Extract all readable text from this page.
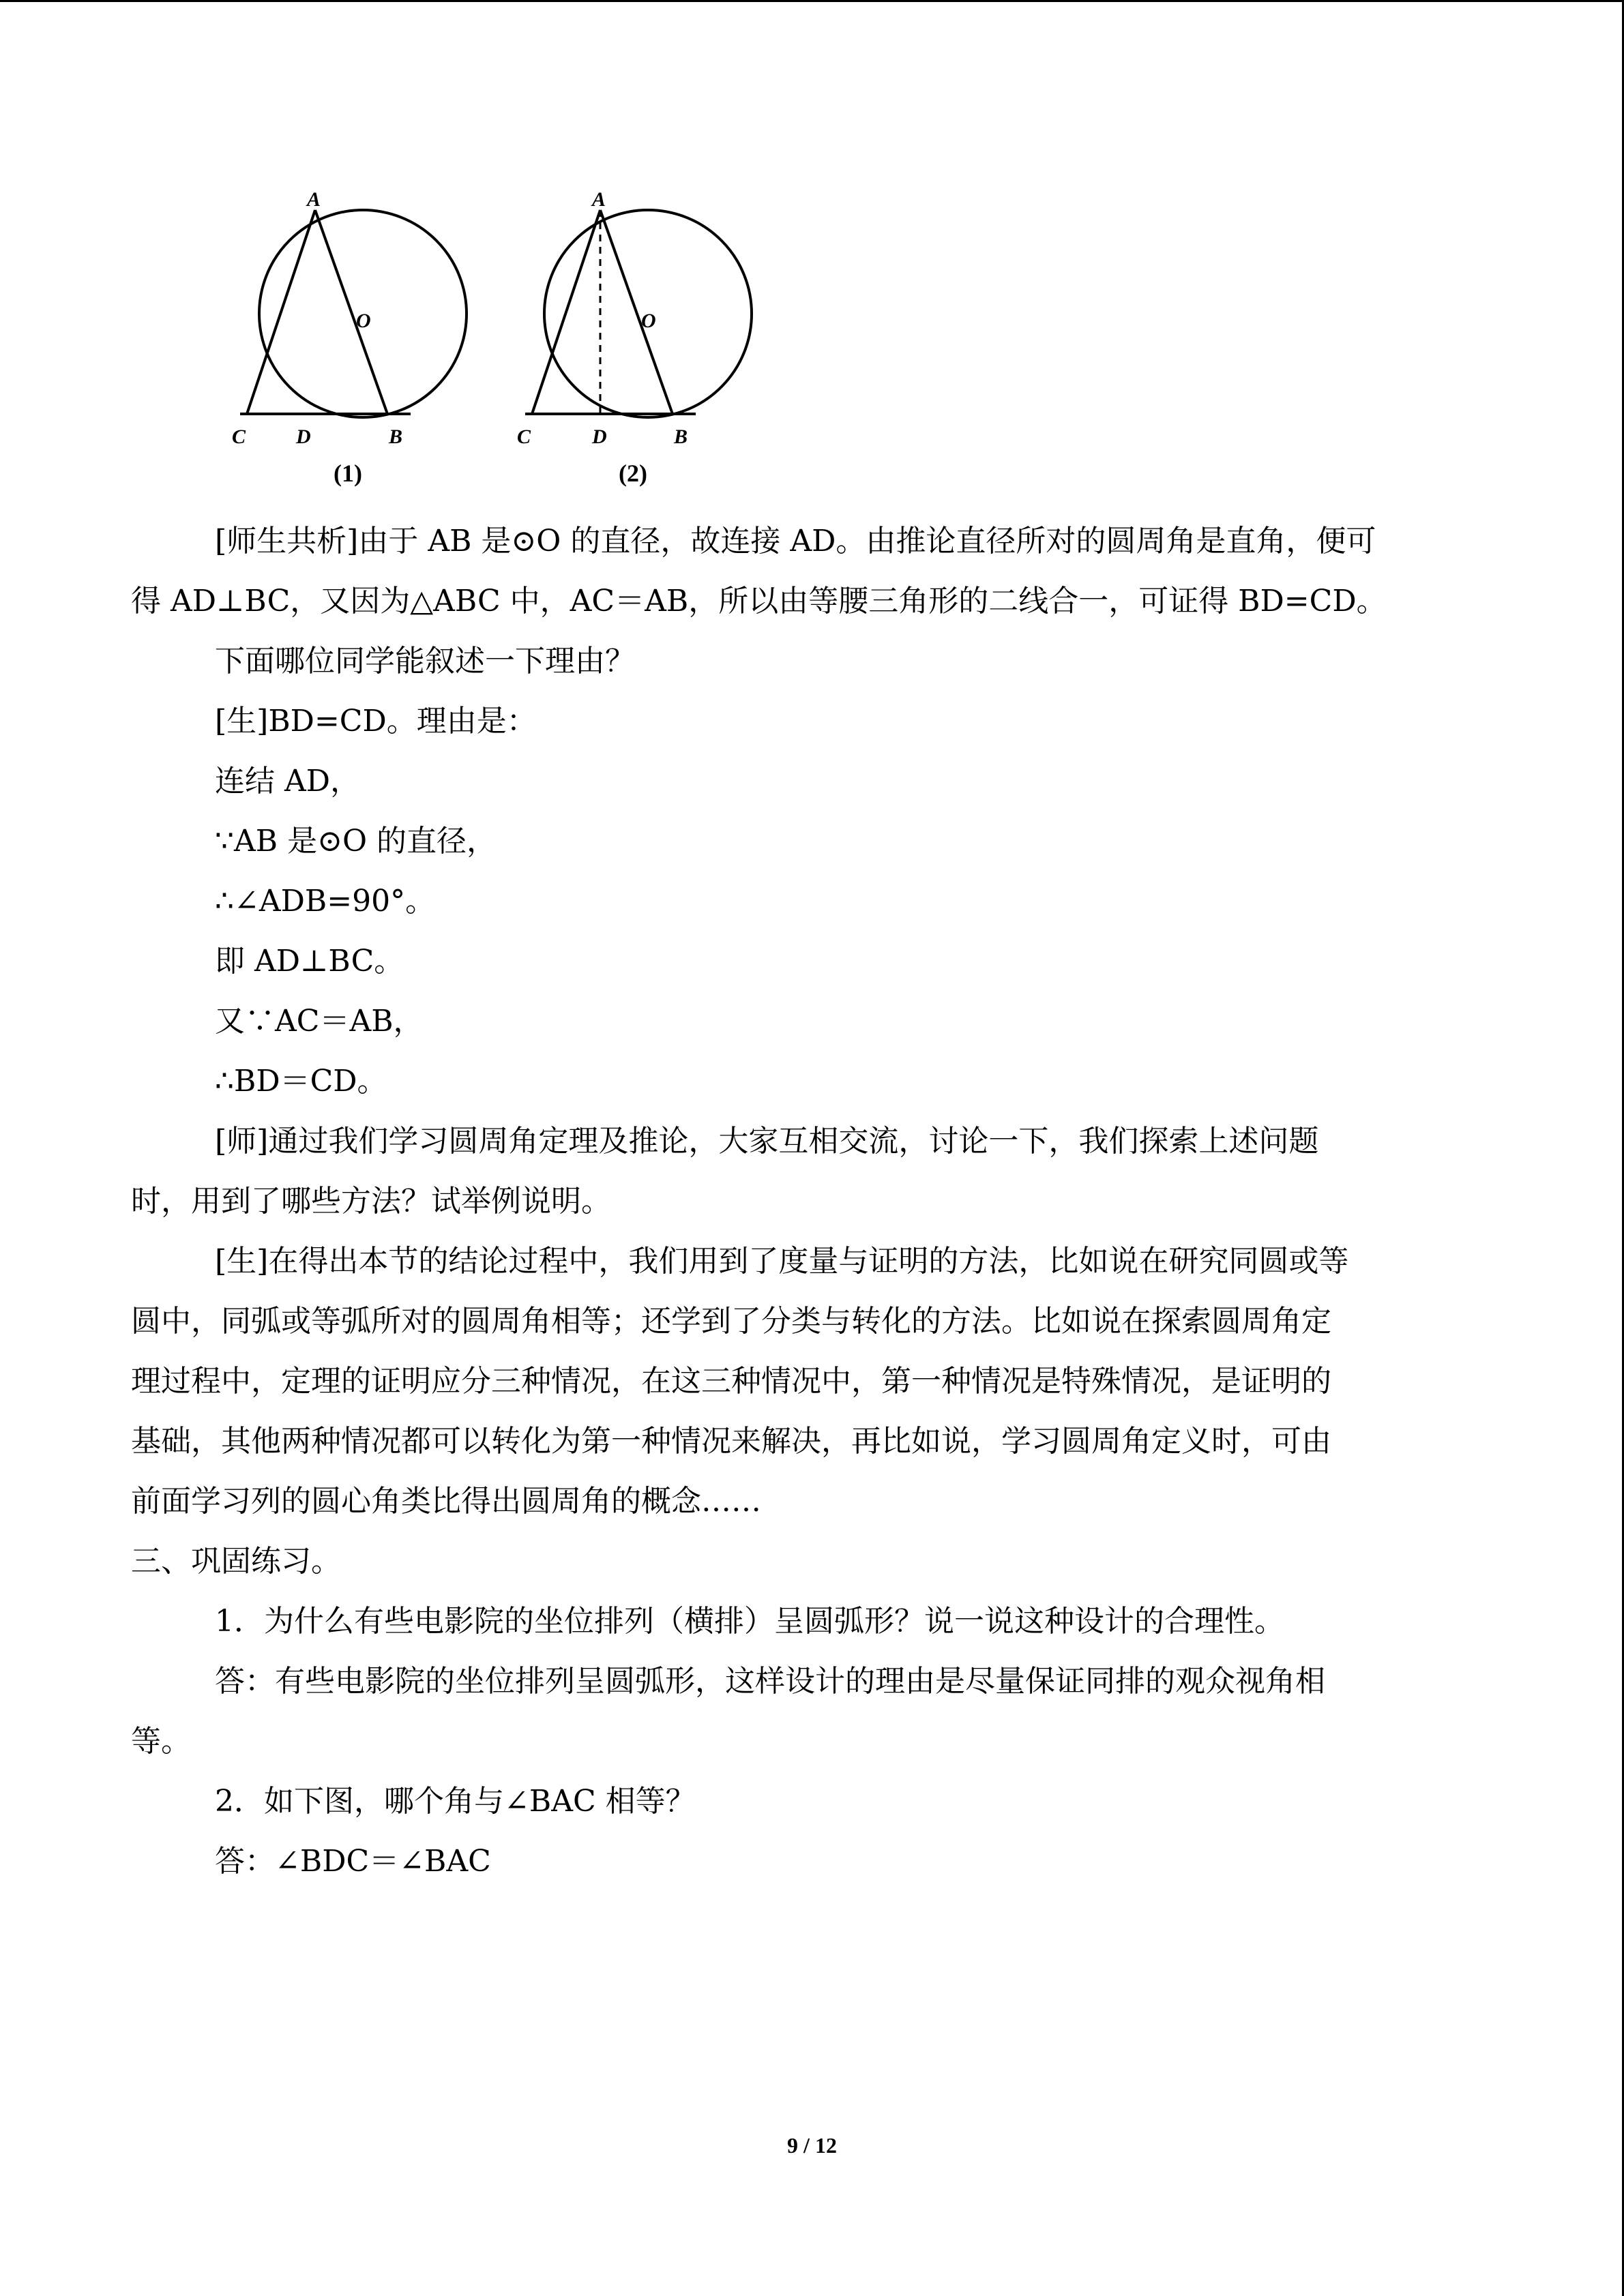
A
O
C D	B
(1)
A
O
C	D	B
(2)

[师生共析]由于 AB 是⊙O 的直径，故连接 AD。由推论直径所对的圆周角是直角，便可

得 AD⊥BC，又因为△ABC 中，AC＝AB，所以由等腰三角形的二线合一，可证得 BD=CD。

下面哪位同学能叙述一下理由？

[生]BD=CD。理由是：

连结 AD，

∵AB 是⊙O 的直径，

∴∠ADB=90°。

即 AD⊥BC。

又∵AC＝AB，

∴BD＝CD。

[师]通过我们学习圆周角定理及推论，大家互相交流，讨论一下，我们探索上述问题

时，用到了哪些方法？试举例说明。

[生]在得出本节的结论过程中，我们用到了度量与证明的方法，比如说在研究同圆或等

圆中，同弧或等弧所对的圆周角相等；还学到了分类与转化的方法。比如说在探索圆周角定

理过程中，定理的证明应分三种情况，在这三种情况中，第一种情况是特殊情况，是证明的

基础，其他两种情况都可以转化为第一种情况来解决，再比如说，学习圆周角定义时，可由

前面学习列的圆心角类比得出圆周角的概念……

三、巩固练习。

1．为什么有些电影院的坐位排列（横排）呈圆弧形？说一说这种设计的合理性。

答：有些电影院的坐位排列呈圆弧形，这样设计的理由是尽量保证同排的观众视角相

等。

2．如下图，哪个角与∠BAC 相等？

答：∠BDC＝∠BAC

9 / 12
